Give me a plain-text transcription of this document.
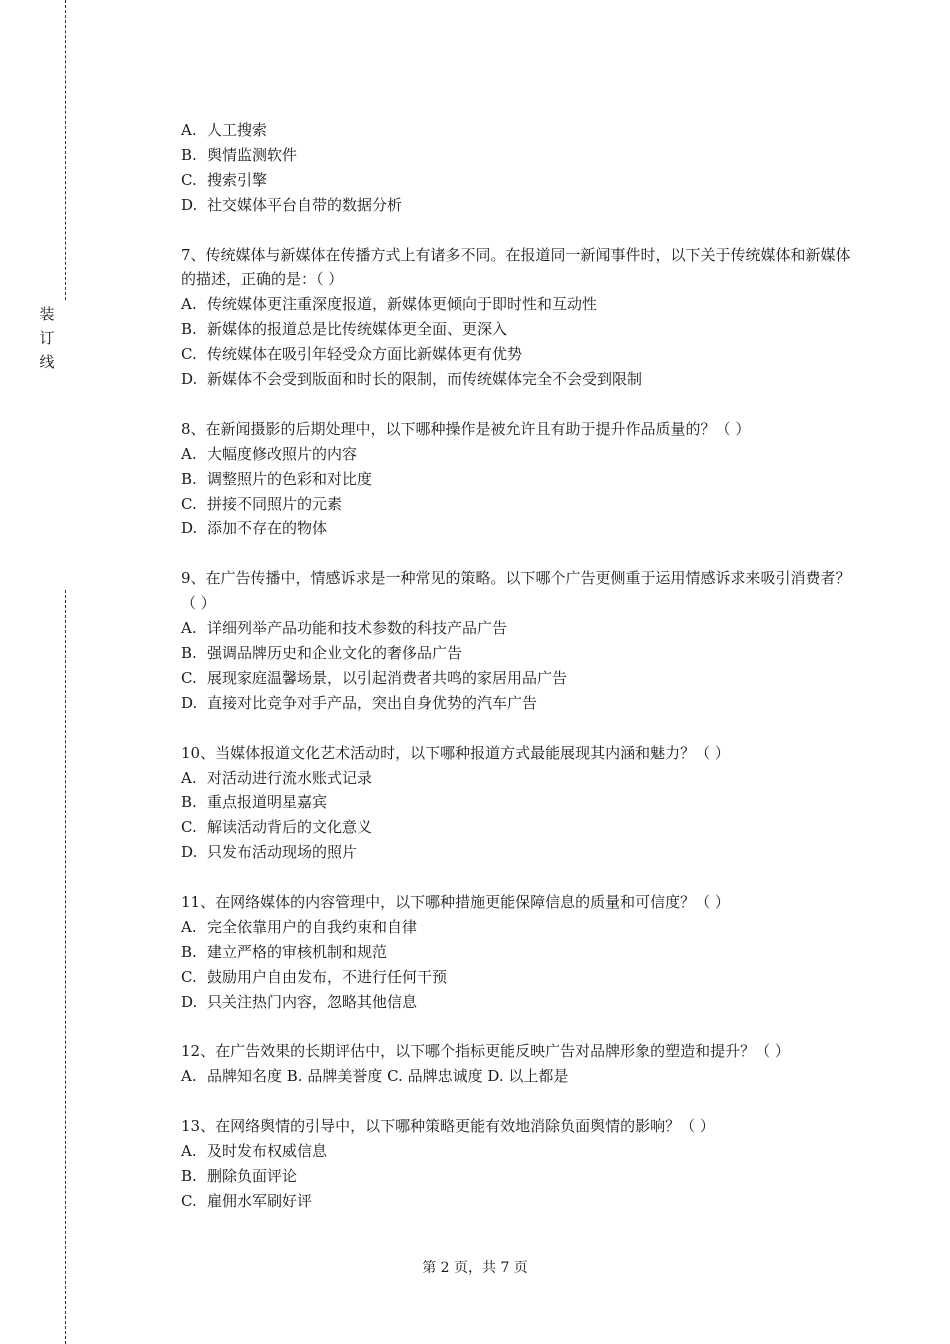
装
订
线
A. 人工搜索
B. 舆情监测软件
C. 搜索引擎
D. 社交媒体平台自带的数据分析

7、传统媒体与新媒体在传播方式上有诸多不同。在报道同一新闻事件时，以下关于传统媒体和新媒体的描述，正确的是：（ ）

A. 传统媒体更注重深度报道，新媒体更倾向于即时性和互动性
B. 新媒体的报道总是比传统媒体更全面、更深入
C. 传统媒体在吸引年轻受众方面比新媒体更有优势
D. 新媒体不会受到版面和时长的限制，而传统媒体完全不会受到限制

8、在新闻摄影的后期处理中，以下哪种操作是被允许且有助于提升作品质量的？（ ）

A. 大幅度修改照片的内容
B. 调整照片的色彩和对比度
C. 拼接不同照片的元素
D. 添加不存在的物体

9、在广告传播中，情感诉求是一种常见的策略。以下哪个广告更侧重于运用情感诉求来吸引消费者？（ ）

A. 详细列举产品功能和技术参数的科技产品广告
B. 强调品牌历史和企业文化的奢侈品广告
C. 展现家庭温馨场景，以引起消费者共鸣的家居用品广告
D. 直接对比竞争对手产品，突出自身优势的汽车广告

10、当媒体报道文化艺术活动时，以下哪种报道方式最能展现其内涵和魅力？（ ）

A. 对活动进行流水账式记录
B. 重点报道明星嘉宾
C. 解读活动背后的文化意义
D. 只发布活动现场的照片

11、在网络媒体的内容管理中，以下哪种措施更能保障信息的质量和可信度？（ ）

A. 完全依靠用户的自我约束和自律
B. 建立严格的审核机制和规范
C. 鼓励用户自由发布，不进行任何干预
D. 只关注热门内容，忽略其他信息

12、在广告效果的长期评估中，以下哪个指标更能反映广告对品牌形象的塑造和提升？（ ）

A. 品牌知名度 B. 品牌美誉度 C. 品牌忠诚度 D. 以上都是

13、在网络舆情的引导中，以下哪种策略更能有效地消除负面舆情的影响？（ ）

A. 及时发布权威信息
B. 删除负面评论
C. 雇佣水军刷好评
第 2 页，共 7 页
